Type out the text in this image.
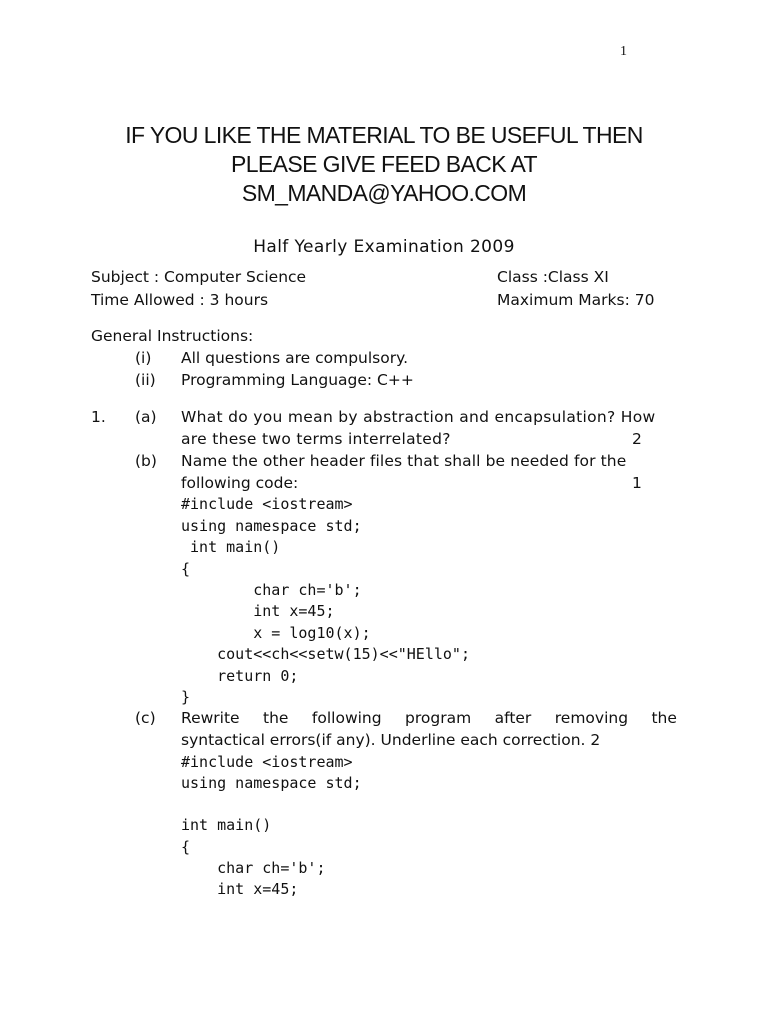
1
IF YOU LIKE THE MATERIAL TO BE USEFUL THEN
PLEASE GIVE FEED BACK AT
SM_MANDA@YAHOO.COM
Half Yearly Examination 2009
Subject : Computer Science	Class :Class XI
Time Allowed : 3 hours	Maximum Marks: 70
General Instructions:
(i) All questions are compulsory.
(ii) Programming Language: C++
1. (a) What do you mean by abstraction and encapsulation? How
are these two terms interrelated?	2
(b) Name the other header files that shall be needed for the
following code:	1
#include <iostream>
using namespace std;
int main()
{
char ch='b';
int x=45;
x = log10(x);
cout<<ch<<setw(15)<<"HEllo";
return 0;
}
(c) Rewrite the following program after removing the
syntactical errors(if any). Underline each correction. 2
#include <iostream>
using namespace std;
int main()
{
char ch='b';
int x=45;
